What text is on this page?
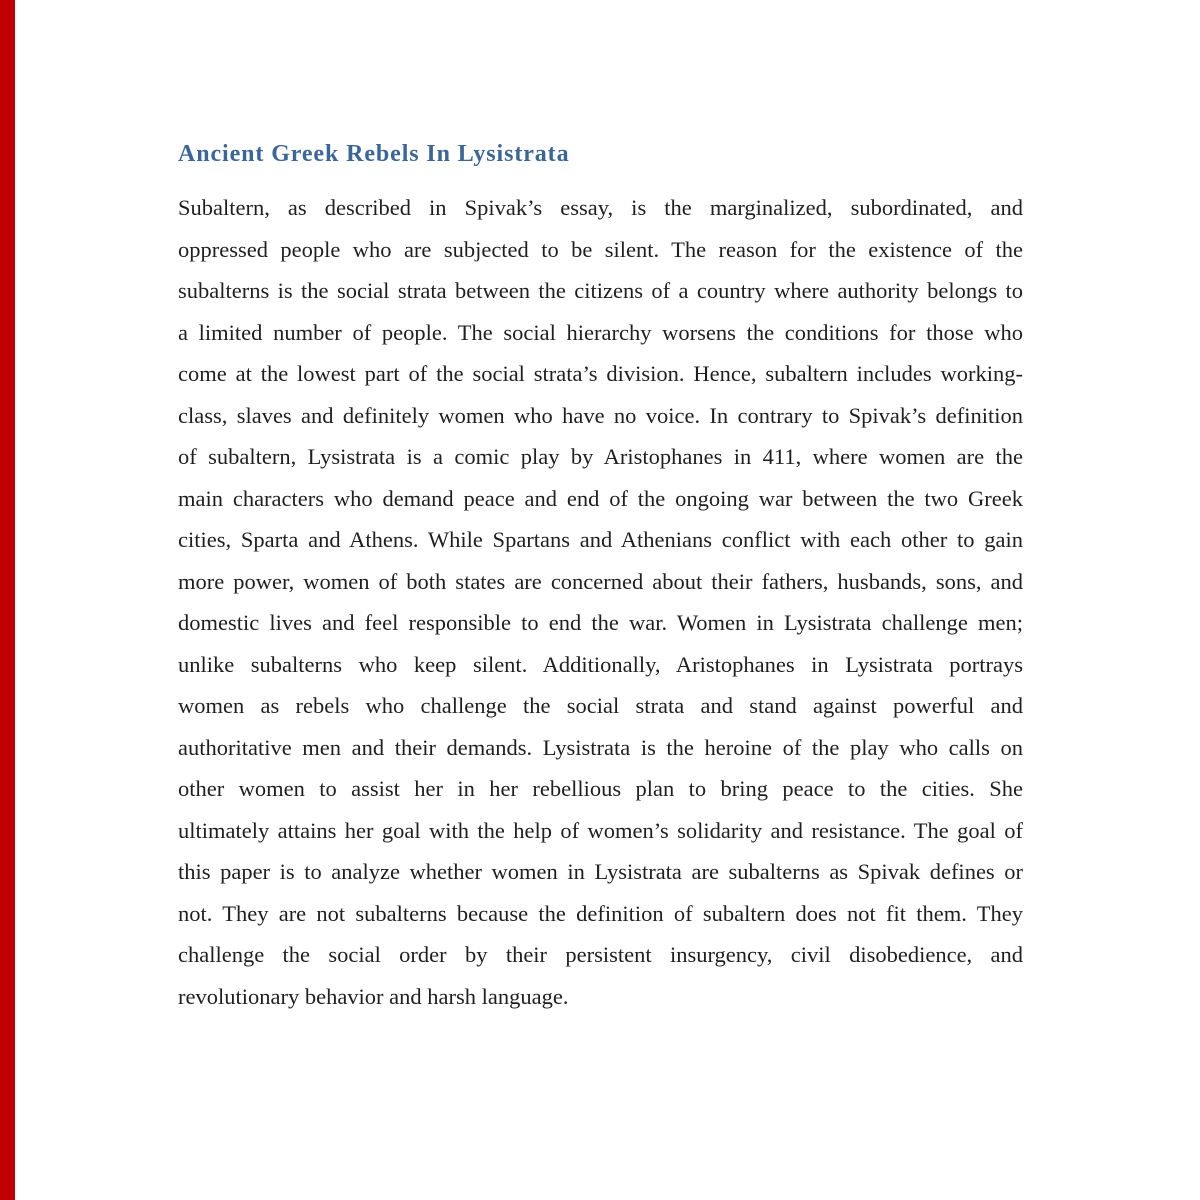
Ancient Greek Rebels In Lysistrata
Subaltern, as described in Spivak’s essay, is the marginalized, subordinated, and
oppressed people who are subjected to be silent. The reason for the existence of the
subalterns is the social strata between the citizens of a country where authority belongs to
a limited number of people. The social hierarchy worsens the conditions for those who
come at the lowest part of the social strata’s division. Hence, subaltern includes working-
class, slaves and definitely women who have no voice. In contrary to Spivak’s definition
of subaltern, Lysistrata is a comic play by Aristophanes in 411, where women are the
main characters who demand peace and end of the ongoing war between the two Greek
cities, Sparta and Athens. While Spartans and Athenians conflict with each other to gain
more power, women of both states are concerned about their fathers, husbands, sons, and
domestic lives and feel responsible to end the war. Women in Lysistrata challenge men;
unlike subalterns who keep silent. Additionally, Aristophanes in Lysistrata portrays
women as rebels who challenge the social strata and stand against powerful and
authoritative men and their demands. Lysistrata is the heroine of the play who calls on
other women to assist her in her rebellious plan to bring peace to the cities. She
ultimately attains her goal with the help of women’s solidarity and resistance. The goal of
this paper is to analyze whether women in Lysistrata are subalterns as Spivak defines or
not. They are not subalterns because the definition of subaltern does not fit them. They
challenge the social order by their persistent insurgency, civil disobedience, and
revolutionary behavior and harsh language.
